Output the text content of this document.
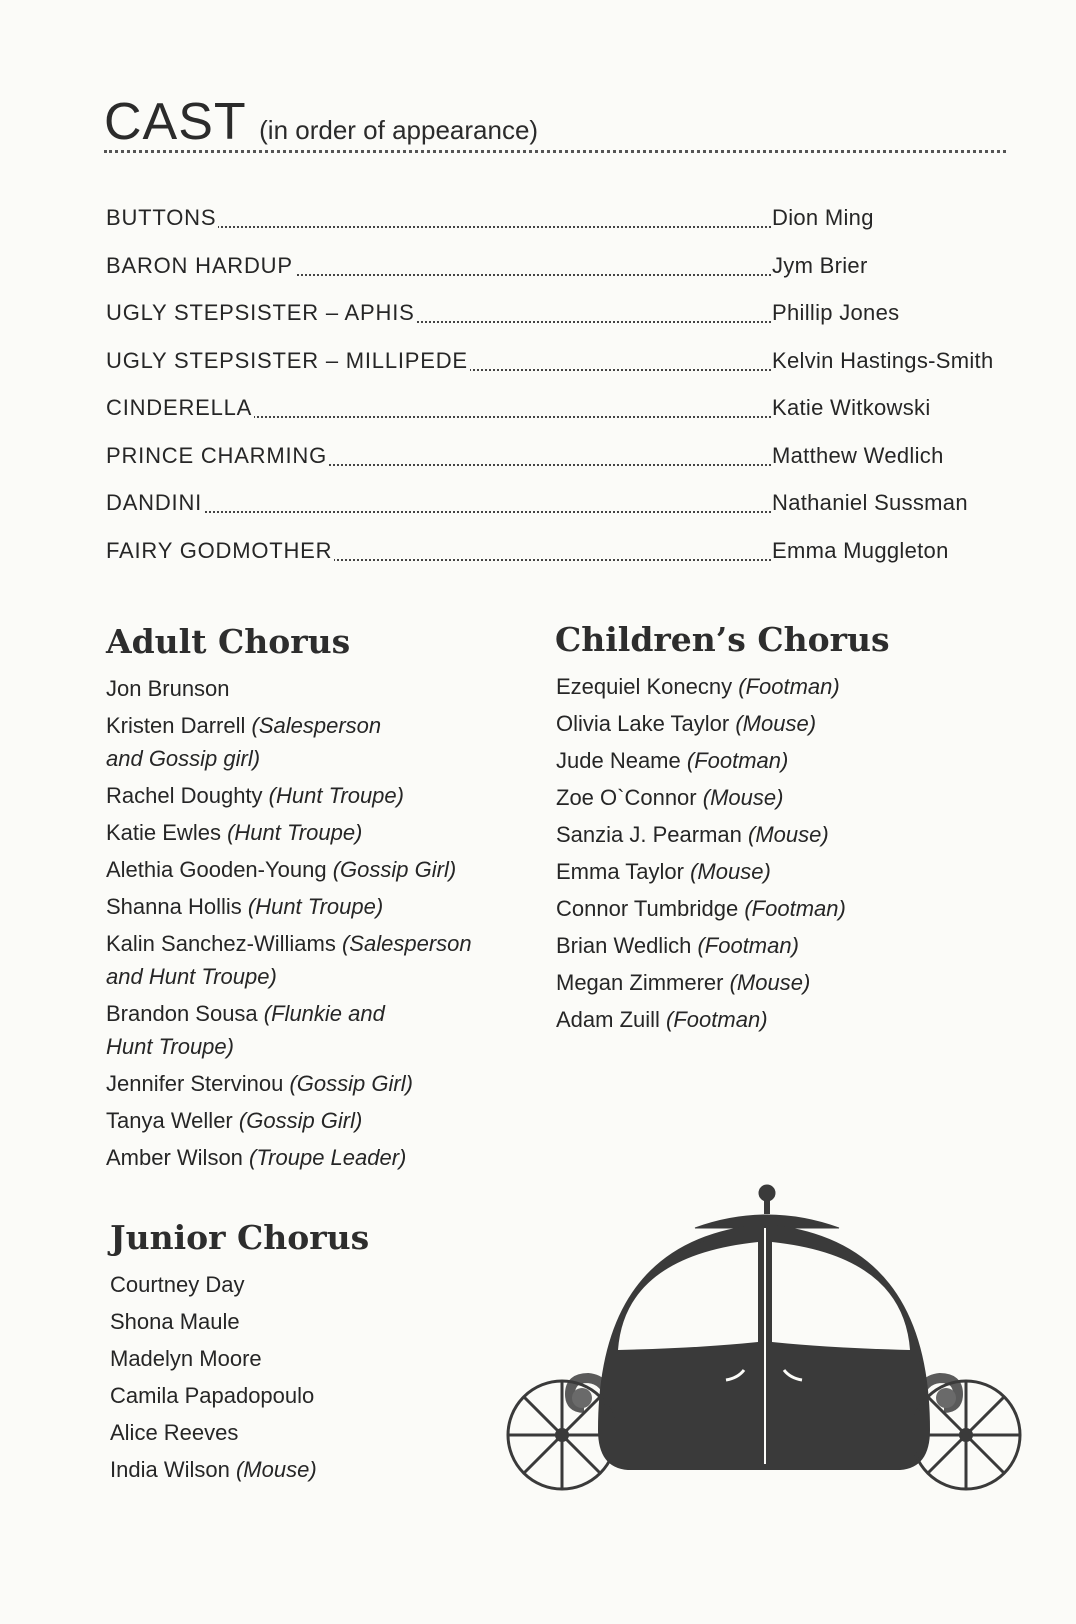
CAST (in order of appearance)
BUTTONS	Dion Ming
BARON HARDUP	Jym Brier
UGLY STEPSISTER – APHIS	Phillip Jones
UGLY STEPSISTER – MILLIPEDE	Kelvin Hastings-Smith
CINDERELLA	Katie Witkowski
PRINCE CHARMING	Matthew Wedlich
DANDINI	Nathaniel Sussman
FAIRY GODMOTHER	Emma Muggleton
Adult Chorus
Jon Brunson
Kristen Darrell (Salesperson
and Gossip girl)
Rachel Doughty (Hunt Troupe)
Katie Ewles (Hunt Troupe)
Alethia Gooden-Young (Gossip Girl)
Shanna Hollis (Hunt Troupe)
Kalin Sanchez-Williams (Salesperson
and Hunt Troupe)
Brandon Sousa (Flunkie and
Hunt Troupe)
Jennifer Stervinou (Gossip Girl)
Tanya Weller (Gossip Girl)
Amber Wilson (Troupe Leader)
Children’s Chorus
Ezequiel Konecny (Footman)
Olivia Lake Taylor (Mouse)
Jude Neame (Footman)
Zoe O`Connor (Mouse)
Sanzia J. Pearman (Mouse)
Emma Taylor (Mouse)
Connor Tumbridge (Footman)
Brian Wedlich (Footman)
Megan Zimmerer (Mouse)
Adam Zuill (Footman)
Junior Chorus
Courtney Day
Shona Maule
Madelyn Moore
Camila Papadopoulo
Alice Reeves
India Wilson (Mouse)
